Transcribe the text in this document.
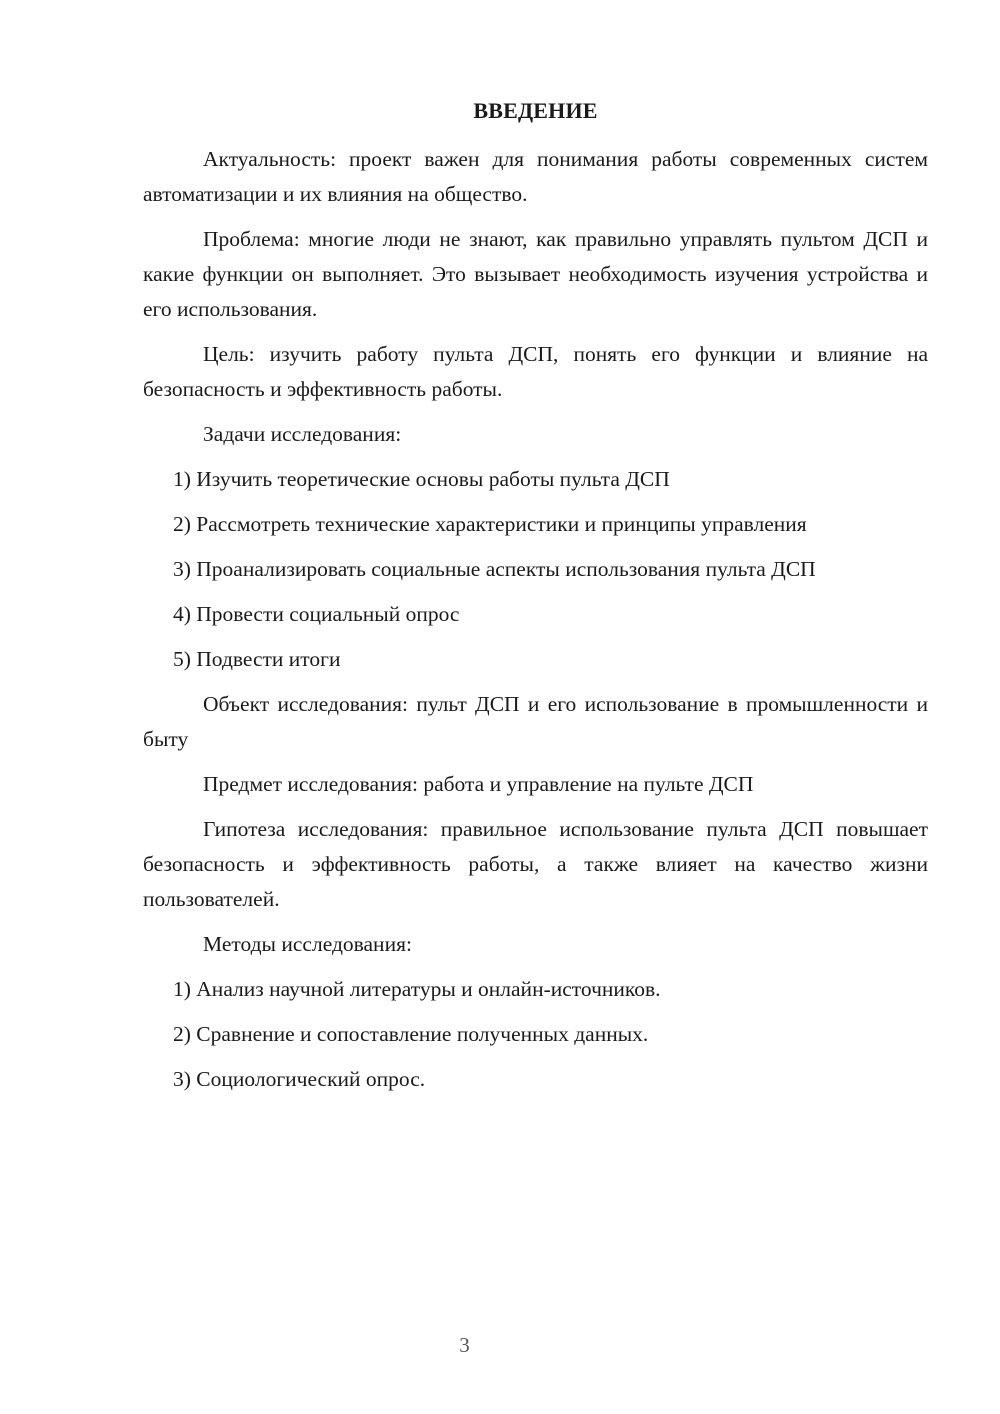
ВВЕДЕНИЕ

Актуальность: проект важен для понимания работы современных систем автоматизации и их влияния на общество.

Проблема: многие люди не знают, как правильно управлять пультом ДСП и какие функции он выполняет. Это вызывает необходимость изучения устройства и его использования.

Цель: изучить работу пульта ДСП, понять его функции и влияние на безопасность и эффективность работы.

Задачи исследования:

1) Изучить теоретические основы работы пульта ДСП

2) Рассмотреть технические характеристики и принципы управления

3) Проанализировать социальные аспекты использования пульта ДСП

4) Провести социальный опрос

5) Подвести итоги

Объект исследования: пульт ДСП и его использование в промышленности и быту

Предмет исследования: работа и управление на пульте ДСП

Гипотеза исследования: правильное использование пульта ДСП повышает безопасность и эффективность работы, а также влияет на качество жизни пользователей.

Методы исследования:

1) Анализ научной литературы и онлайн-источников.

2) Сравнение и сопоставление полученных данных.

3) Социологический опрос.

3
